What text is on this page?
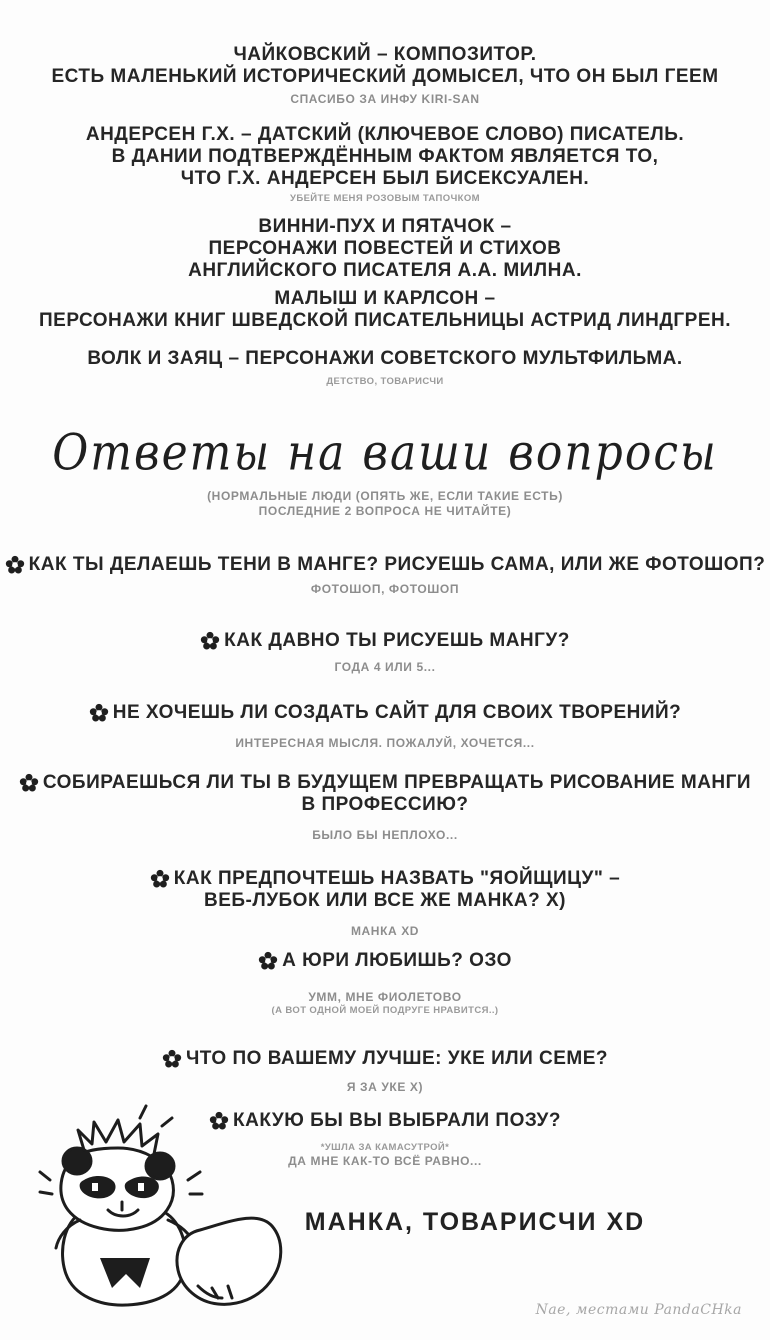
ЧАЙКОВСКИЙ – КОМПОЗИТОР.
ЕСТЬ МАЛЕНЬКИЙ ИСТОРИЧЕСКИЙ ДОМЫСЕЛ, ЧТО ОН БЫЛ ГЕЕМ
СПАСИБО ЗА ИНФУ KIRI-SAN
АНДЕРСЕН Г.Х. – ДАТСКИЙ (КЛЮЧЕВОЕ СЛОВО) ПИСАТЕЛЬ.
В ДАНИИ ПОДТВЕРЖДЁННЫМ ФАКТОМ ЯВЛЯЕТСЯ ТО,
ЧТО Г.Х. АНДЕРСЕН БЫЛ БИСЕКСУАЛЕН.
УБЕЙТЕ МЕНЯ РОЗОВЫМ ТАПОЧКОМ
ВИННИ-ПУХ И ПЯТАЧОК –
ПЕРСОНАЖИ ПОВЕСТЕЙ И СТИХОВ
АНГЛИЙСКОГО ПИСАТЕЛЯ А.А. МИЛНА.
МАЛЫШ И КАРЛСОН –
ПЕРСОНАЖИ КНИГ ШВЕДСКОЙ ПИСАТЕЛЬНИЦЫ АСТРИД ЛИНДГРЕН.
ВОЛК И ЗАЯЦ – ПЕРСОНАЖИ СОВЕТСКОГО МУЛЬТФИЛЬМА.
ДЕТСТВО, ТОВАРИСЧИ
Ответы на ваши вопросы
(НОРМАЛЬНЫЕ ЛЮДИ (ОПЯТЬ ЖЕ, ЕСЛИ ТАКИЕ ЕСТЬ)
ПОСЛЕДНИЕ 2 ВОПРОСА НЕ ЧИТАЙТЕ)
КАК ТЫ ДЕЛАЕШЬ ТЕНИ В МАНГЕ? РИСУЕШЬ САМА, ИЛИ ЖЕ ФОТОШОП?
ФОТОШОП, ФОТОШОП
КАК ДАВНО ТЫ РИСУЕШЬ МАНГУ?
ГОДА 4 ИЛИ 5...
НЕ ХОЧЕШЬ ЛИ СОЗДАТЬ САЙТ ДЛЯ СВОИХ ТВОРЕНИЙ?
ИНТЕРЕСНАЯ МЫСЛЯ. ПОЖАЛУЙ, ХОЧЕТСЯ...
СОБИРАЕШЬСЯ ЛИ ТЫ В БУДУЩЕМ ПРЕВРАЩАТЬ РИСОВАНИЕ МАНГИ
В ПРОФЕССИЮ?
БЫЛО БЫ НЕПЛОХО...
КАК ПРЕДПОЧТЕШЬ НАЗВАТЬ "ЯОЙЩИЦУ" –
ВЕБ-ЛУБОК ИЛИ ВСЕ ЖЕ МАНКА? X)
МАНКА XD
А ЮРИ ЛЮБИШЬ? ОЗО
УММ, МНЕ ФИОЛЕТОВО
(А ВОТ ОДНОЙ МОЕЙ ПОДРУГЕ НРАВИТСЯ..)
ЧТО ПО ВАШЕМУ ЛУЧШЕ: УКЕ ИЛИ СЕМЕ?
Я ЗА УКЕ X)
КАКУЮ БЫ ВЫ ВЫБРАЛИ ПОЗУ?
*УШЛА ЗА КАМАСУТРОЙ*
ДА МНЕ КАК-ТО ВСЁ РАВНО...
МАНКА, ТОВАРИСЧИ XD
Nае, местами PandaCHka
